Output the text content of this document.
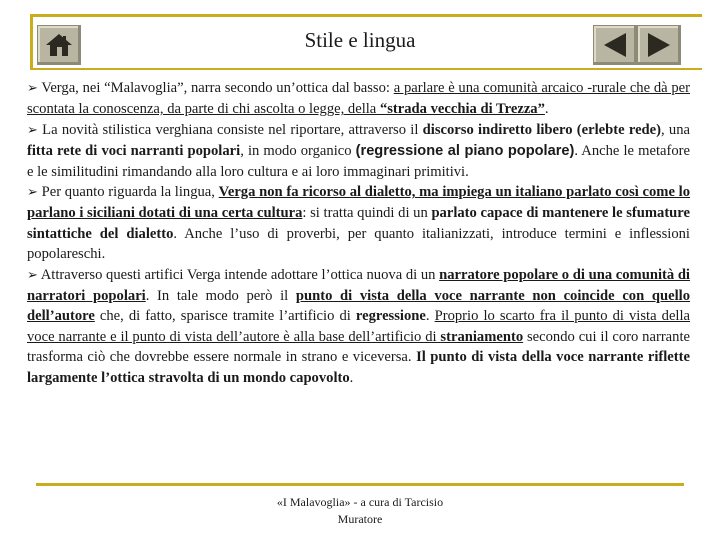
Stile e lingua

➢ Verga, nei “Malavoglia”, narra secondo un’ottica dal basso: a parlare è una comunità arcaico -rurale che dà per scontata la conoscenza, da parte di chi ascolta o legge, della “strada vecchia di Trezza”.

➢ La novità stilistica verghiana consiste nel riportare, attraverso il discorso indiretto libero (erlebte rede), una fitta rete di voci narranti popolari, in modo organico (regressione al piano popolare). Anche le metafore e le similitudini rimandando alla loro cultura e ai loro immaginari primitivi.

➢ Per quanto riguarda la lingua, Verga non fa ricorso al dialetto, ma impiega un italiano parlato così come lo parlano i siciliani dotati di una certa cultura: si tratta quindi di un parlato capace di mantenere le sfumature sintattiche del dialetto. Anche l’uso di proverbi, per quanto italianizzati, introduce termini e inflessioni popolareschi.

➢ Attraverso questi artifici Verga intende adottare l’ottica nuova di un narratore popolare o di una comunità di narratori popolari. In tale modo però il punto di vista della voce narrante non coincide con quello dell’autore che, di fatto, sparisce tramite l’artificio di regressione. Proprio lo scarto fra il punto di vista della voce narrante e il punto di vista dell’autore è alla base dell’artificio di straniamento secondo cui il coro narrante trasforma ciò che dovrebbe essere normale in strano e viceversa. Il punto di vista della voce narrante riflette largamente l’ottica stravolta di un mondo capovolto.

«I Malavoglia» - a cura di Tarcisio
Muratore
